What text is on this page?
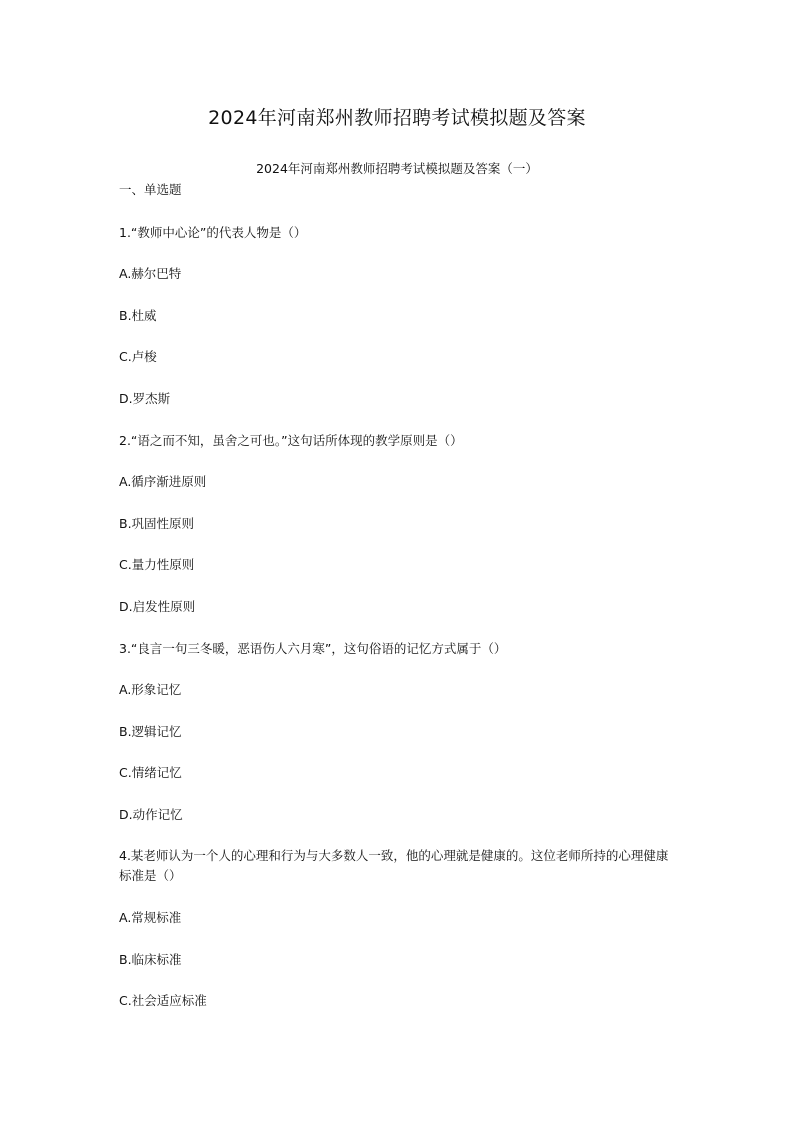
2024年河南郑州教师招聘考试模拟题及答案
2024年河南郑州教师招聘考试模拟题及答案（一）
一、单选题
1.“教师中心论”的代表人物是（）
A.赫尔巴特
B.杜威
C.卢梭
D.罗杰斯
2.“语之而不知，虽舍之可也。”这句话所体现的教学原则是（）
A.循序渐进原则
B.巩固性原则
C.量力性原则
D.启发性原则
3.“良言一句三冬暖，恶语伤人六月寒”，这句俗语的记忆方式属于（）
A.形象记忆
B.逻辑记忆
C.情绪记忆
D.动作记忆
4.某老师认为一个人的心理和行为与大多数人一致，他的心理就是健康的。这位老师所持的心理健康标准是（）
A.常规标准
B.临床标准
C.社会适应标准
